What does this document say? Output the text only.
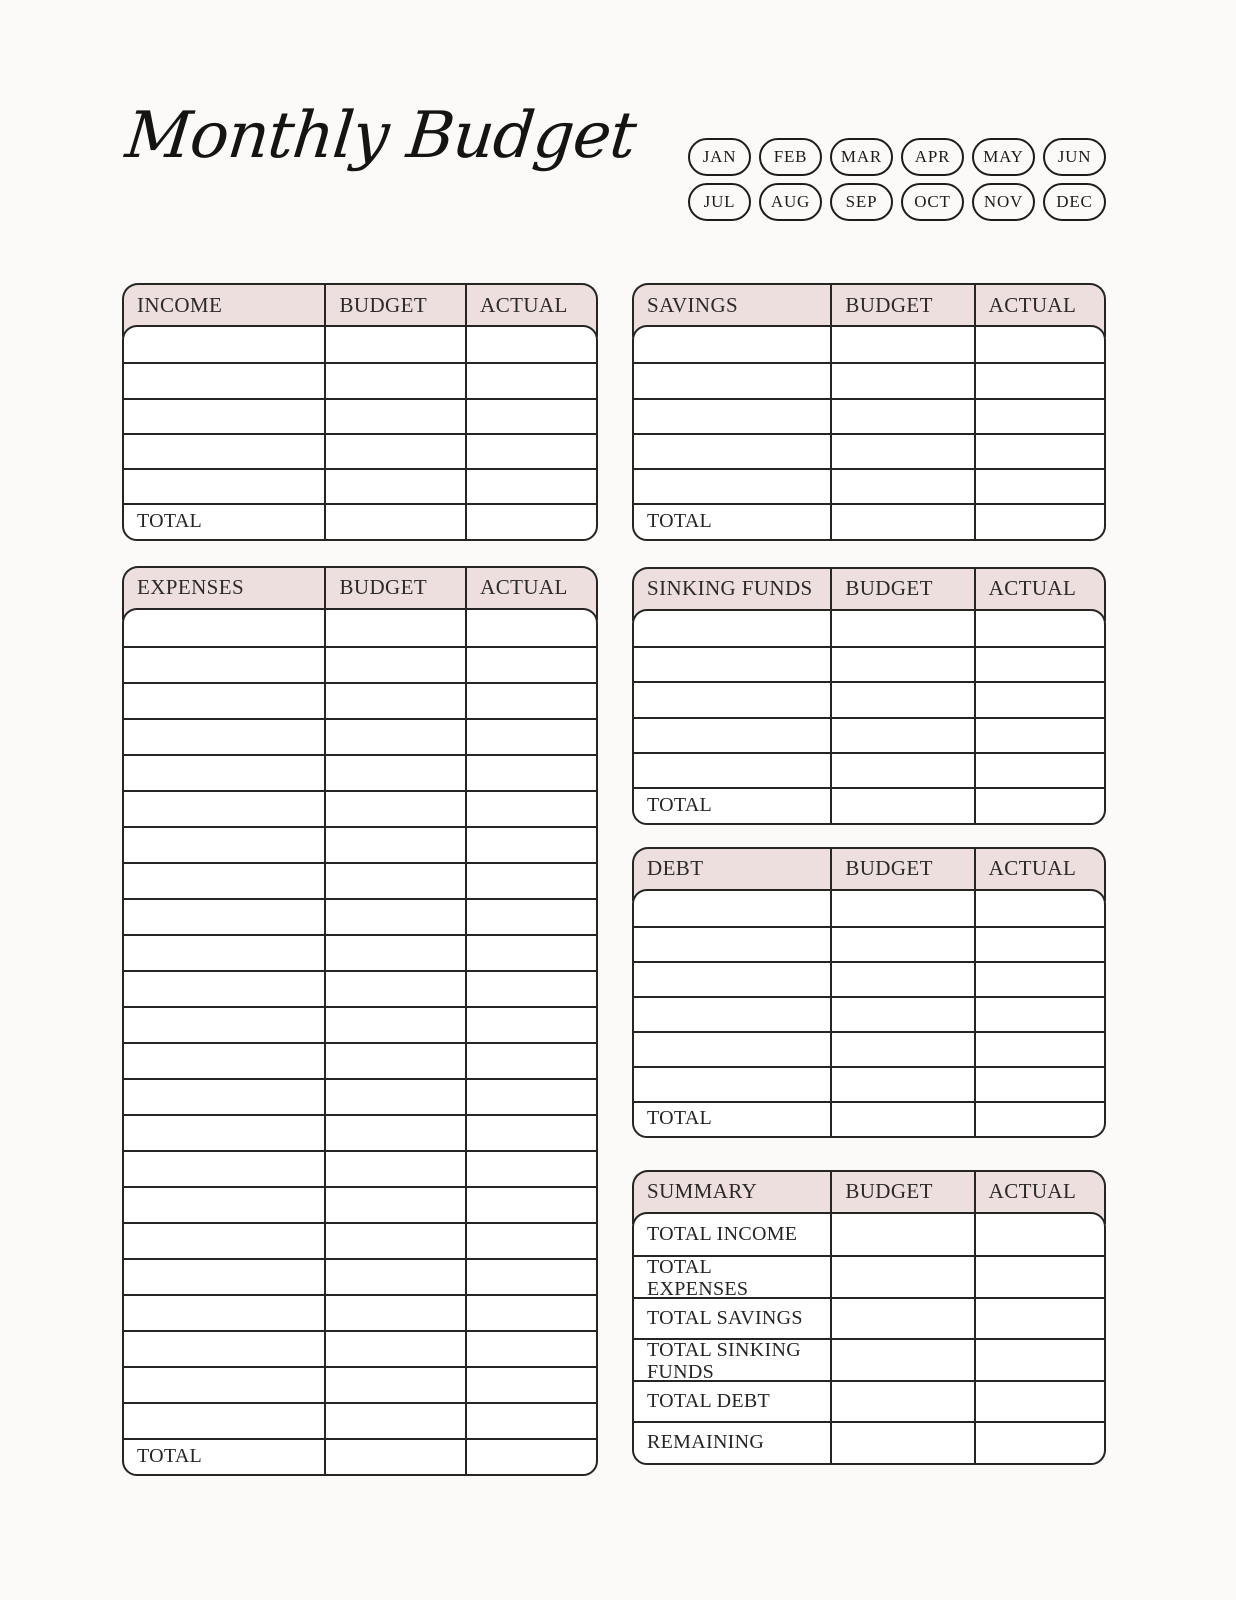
Monthly Budget	JAN	FEB	MAR	APR	MAY	JUN
JUL	AUG	SEP	OCT	NOV	DEC
INCOME	BUDGET	ACTUAL
TOTAL
EXPENSES	BUDGET	ACTUAL
TOTAL
SAVINGS	BUDGET	ACTUAL
TOTAL
SINKING FUNDS	BUDGET	ACTUAL
TOTAL
DEBT	BUDGET	ACTUAL
TOTAL
SUMMARY	BUDGET	ACTUAL
TOTAL INCOME
TOTAL EXPENSES
TOTAL SAVINGS
TOTAL SINKING FUNDS
TOTAL DEBT
REMAINING
